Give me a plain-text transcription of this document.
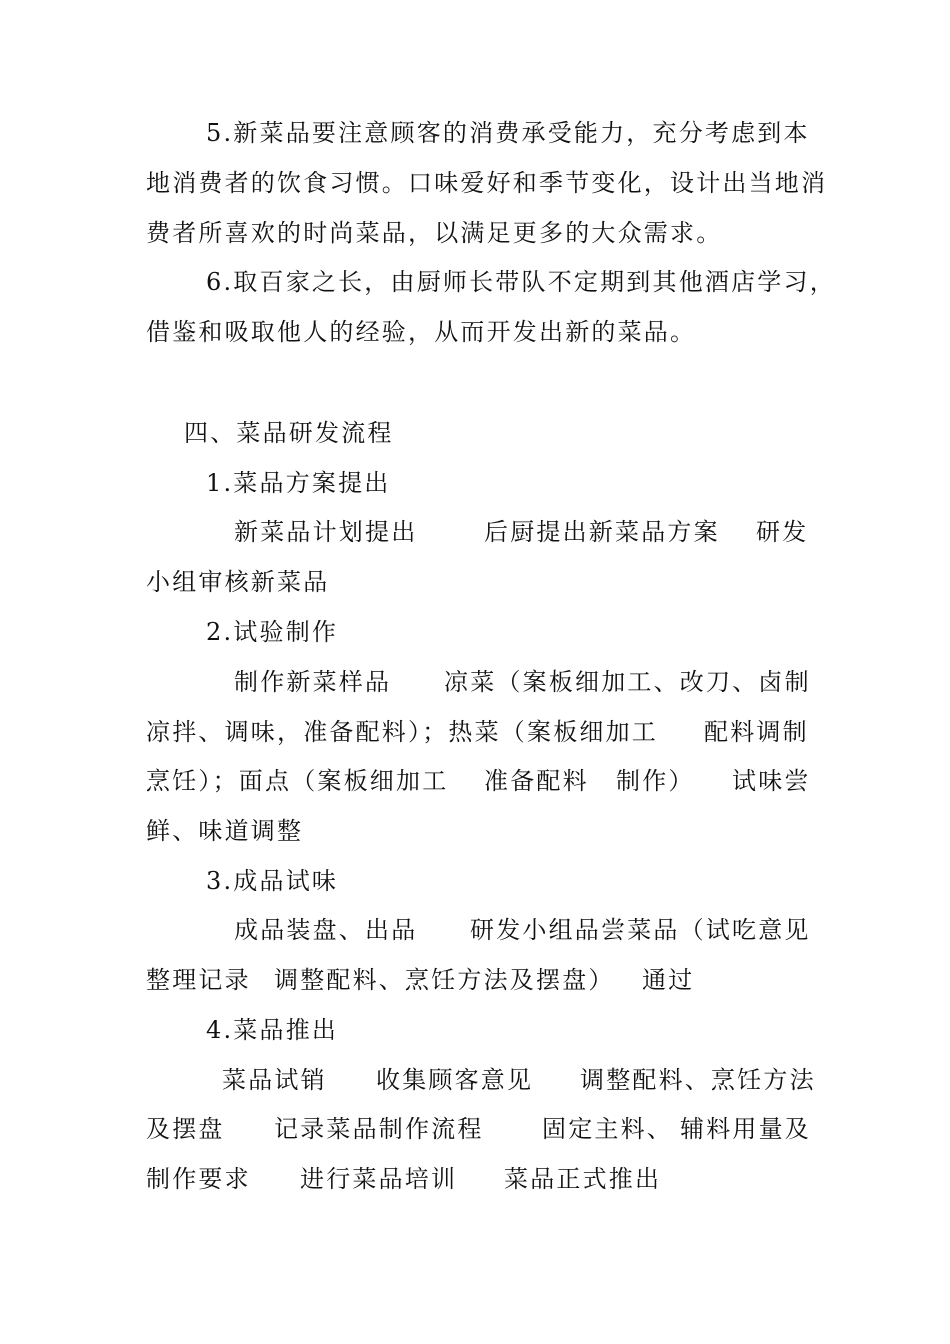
5.新菜品要注意顾客的消费承受能力，充分考虑到本
地消费者的饮食习惯。口味爱好和季节变化，设计出当地消
费者所喜欢的时尚菜品，以满足更多的大众需求。
6.取百家之长，由厨师长带队不定期到其他酒店学习，
借鉴和吸取他人的经验，从而开发出新的菜品。
四、菜品研发流程
1.菜品方案提出

新菜品计划提出

	后厨提出新菜品方案

研发

小组审核新菜品
2.试验制作

制作新菜样品

凉菜（案板细加工、改刀、卤制

凉拌、调味，准备配料）；热菜（案板细加工

配料调制

烹饪）；面点（案板细加工

准备配料

制作）

试味尝

鲜、味道调整
3.成品试味

成品装盘、出品

研发小组品尝菜品（试吃意见

整理记录

调整配料、烹饪方法及摆盘）

通过

4.菜品推出

菜品试销

收集顾客意见

调整配料、烹饪方法

及摆盘

记录菜品制作流程

固定主料、

辅料用量及

制作要求

进行菜品培训

菜品正式推出
